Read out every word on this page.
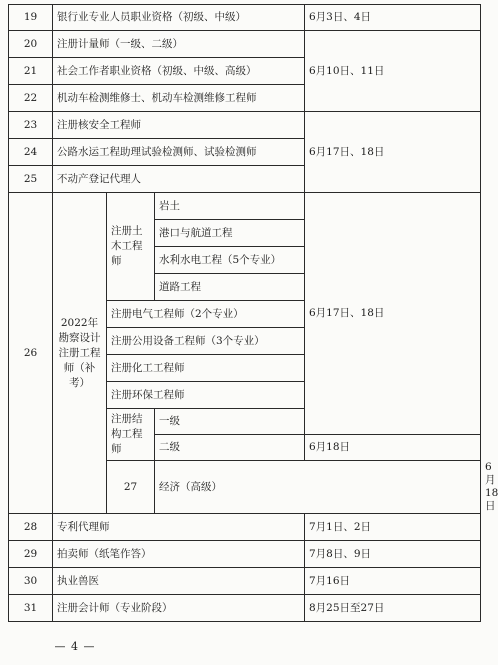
19	银行业专业人员职业资格（初级、中级）			6月3日、4日	
20	注册计量师（一级、二级）			6月10日、11日	
21	社会工作者职业资格（初级、中级、高级）				
22	机动车检测维修士、机动车检测维修工程师				
23	注册核安全工程师			6月17日、18日	
24	公路水运工程助理试验检测师、试验检测师				
25	不动产登记代理人				
26	2022年勘察设计注册工程师（补考）	注册土木工程师	岩土	6月17日、18日	
			港口与航道工程		
			水利水电工程（5个专业）		
			道路工程		
		注册电气工程师（2个专业）			
		注册公用设备工程师（3个专业）			
		注册化工工程师			
		注册环保工程师			
		注册结构工程师	一级		
			二级	6月18日	
		27	经济（高级）		6月18日
28	专利代理师			7月1日、2日	
29	拍卖师（纸笔作答）			7月8日、9日	
30	执业兽医			7月16日	
31	注册会计师（专业阶段）			8月25日至27日	
— 4 —
